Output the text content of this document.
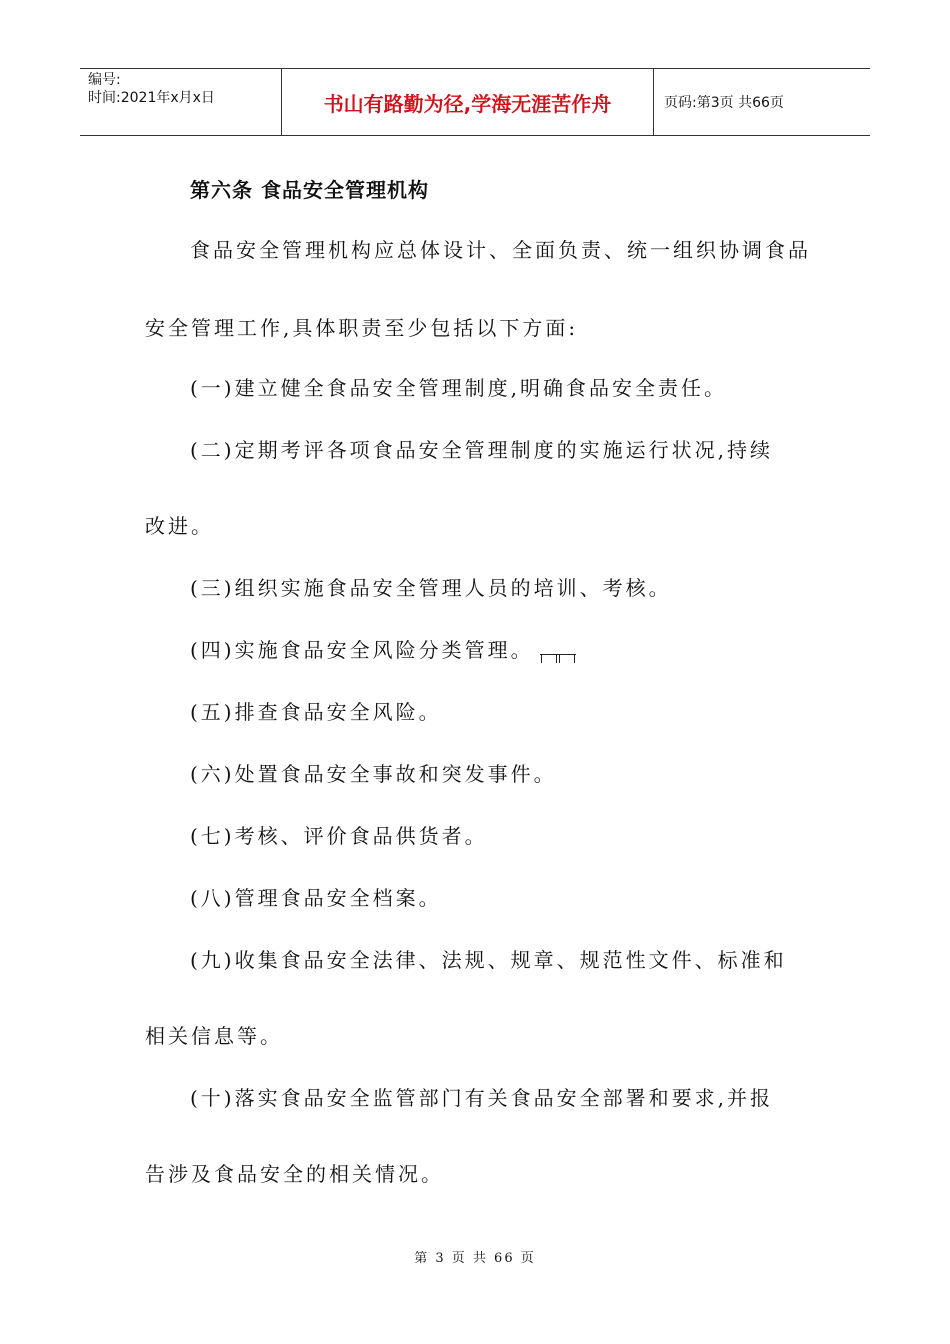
编号:
时间:2021年x月x日	书山有路勤为径,学海无涯苦作舟	页码:第3页 共66页
第六条 食品安全管理机构
食品安全管理机构应总体设计、全面负责、统一组织协调食品
安全管理工作,具体职责至少包括以下方面:
(一)建立健全食品安全管理制度,明确食品安全责任。
(二)定期考评各项食品安全管理制度的实施运行状况,持续
改进。
(三)组织实施食品安全管理人员的培训、考核。
(四)实施食品安全风险分类管理。
(五)排查食品安全风险。
(六)处置食品安全事故和突发事件。
(七)考核、评价食品供货者。
(八)管理食品安全档案。
(九)收集食品安全法律、法规、规章、规范性文件、标准和
相关信息等。
(十)落实食品安全监管部门有关食品安全部署和要求,并报
告涉及食品安全的相关情况。
第 3 页 共 66 页
